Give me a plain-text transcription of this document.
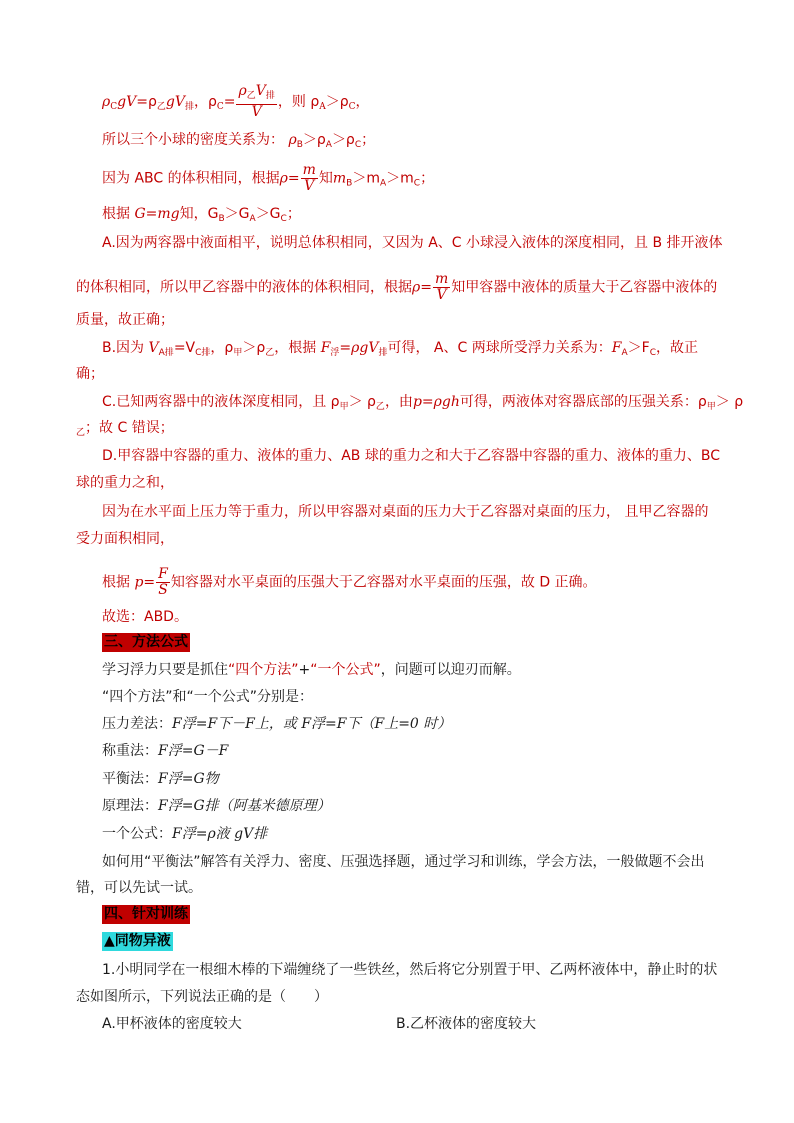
$\rho_CgV=\rho_乙gV_排$，$\rho_C= \frac{\rho_乙V_排}{V}$ ，则 $\rho_A>\rho_C$，
所以三个小球的密度关系为： $\rho_B>\rho_A>\rho_C$；
因为 ABC 的体积相同，根据$\rho= \frac{m}{V}$ 知$m_B>m_A>m_C$；
根据 G=mg知，$G_B>G_A>G_C$；
A.因为两容器中液面相平，说明总体积相同，又因为 A、C 小球浸入液体的深度相同，且 B 排开液体
的体积相同，所以甲乙容器中的液体的体积相同，根据$\rho= \frac{m}{V}$ 知甲容器中液体的质量大于乙容器中液体的
质量，故正确；
B.因为 $V_{A排}=V_{C排}$，$\rho_甲>\rho_乙$，根据 $F_浮=\rho gV_排$可得， A、C 两球所受浮力关系为：$F_A>F_C$，故正
确；
C.已知两容器中的液体深度相同，且 $\rho_甲> \rho_乙$，由p=ρgh可得，两液体对容器底部的压强关系：$\rho_甲> \rho$
$_乙$；故 C 错误；
D.甲容器中容器的重力、液体的重力、AB 球的重力之和大于乙容器中容器的重力、液体的重力、BC
球的重力之和，
因为在水平面上压力等于重力，所以甲容器对桌面的压力大于乙容器对桌面的压力， 且甲乙容器的
受力面积相同，
根据 $p= \frac{F}{S}$ 知容器对水平桌面的压强大于乙容器对水平桌面的压强，故 D 正确。
故选：ABD。
三、方法公式
学习浮力只要是抓住“四个方法”+“一个公式”，问题可以迎刃而解。
“四个方法”和“一个公式”分别是：
压力差法：F浮=F下－F上，或 F浮=F下（F上=0 时）
称重法：F浮=G－F
平衡法：F浮=G物
原理法：F浮=G排（阿基米德原理）
一个公式：F浮=ρ液 gV排
如何用“平衡法”解答有关浮力、密度、压强选择题，通过学习和训练，学会方法，一般做题不会出
错，可以先试一试。
四、针对训练
▲同物异液
1.小明同学在一根细木棒的下端缠绕了一些铁丝，然后将它分别置于甲、乙两杯液体中，静止时的状
态如图所示，下列说法正确的是（　　）
A.甲杯液体的密度较大	B.乙杯液体的密度较大
